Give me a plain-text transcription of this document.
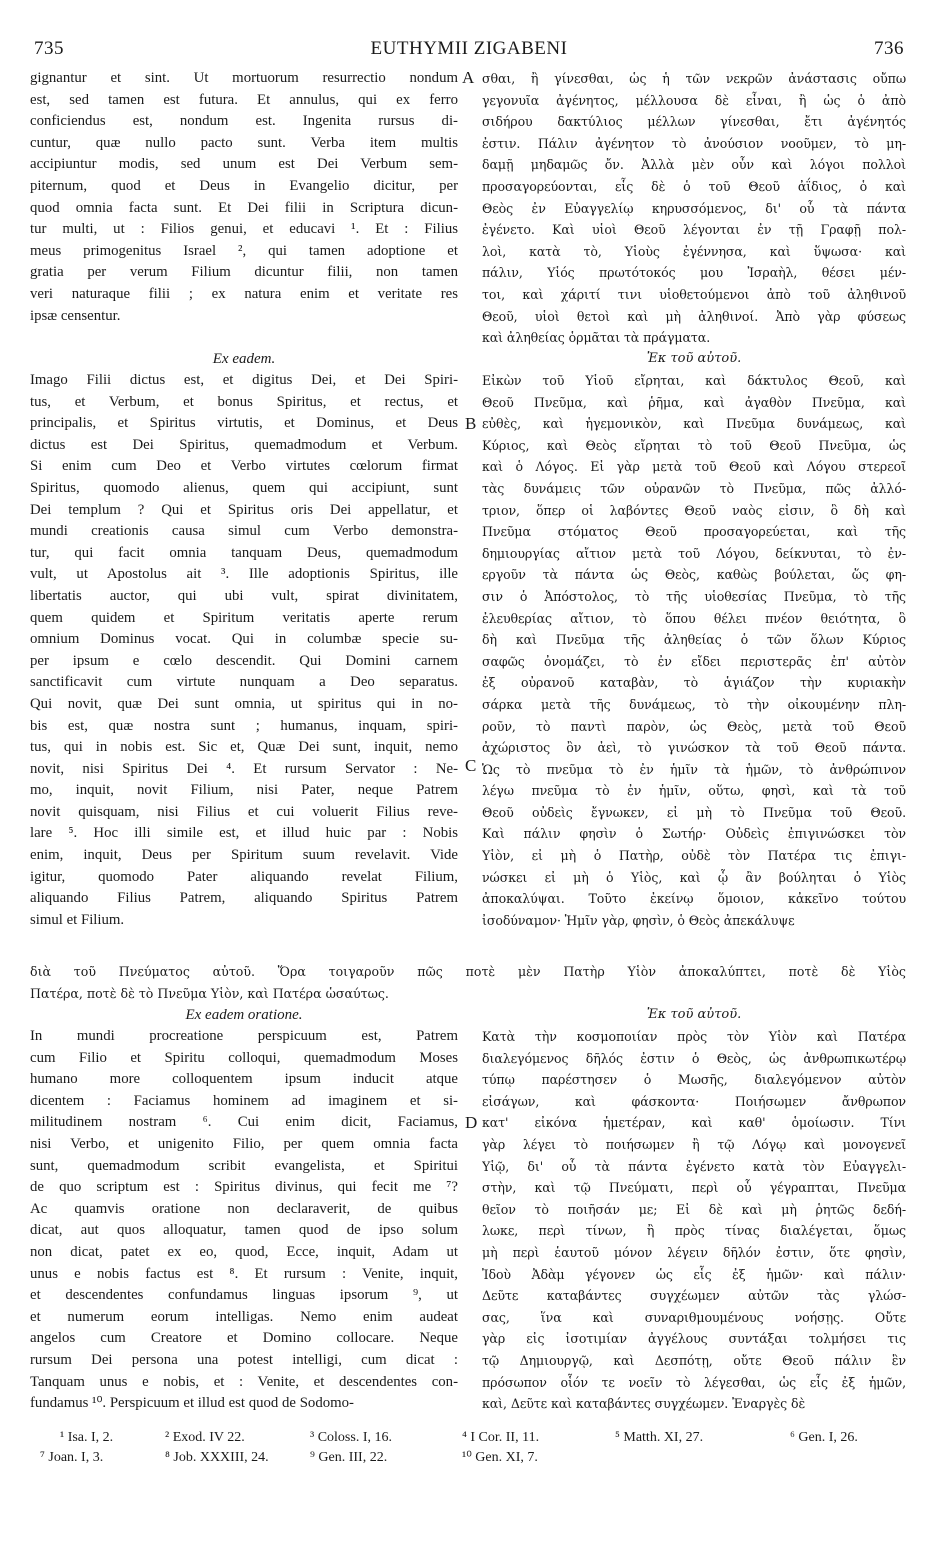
735	EUTHYMII ZIGABENI	736
gignantur et sint. Ut mortuorum resurrectio nondum
est, sed tamen est futura. Et annulus, qui ex ferro
conficiendus est, nondum est. Ingenita rursus di-
cuntur, quæ nullo pacto sunt. Verba item multis
accipiuntur modis, sed unum est Dei Verbum sem-
piternum, quod et Deus in Evangelio dicitur, per
quod omnia facta sunt. Et Dei filii in Scriptura dicun-
tur multi, ut : Filios genui, et educavi ¹. Et : Filius
meus primogenitus Israel ², qui tamen adoptione et
gratia per verum Filium dicuntur filii, non tamen
veri naturaque filii ; ex natura enim et veritate res
ipsæ censentur.
σθαι, ἢ γίνεσθαι, ὡς ἡ τῶν νεκρῶν ἀνάστασις οὔπω
γεγονυῖα ἀγένητος, μέλλουσα δὲ εἶναι, ἢ ὡς ὁ ἀπὸ
σιδήρου δακτύλιος μέλλων γίνεσθαι, ἔτι ἀγένητός
ἐστιν. Πάλιν ἀγένητον τὸ ἀνούσιον νοοῦμεν, τὸ μη-
δαμῇ μηδαμῶς ὄν. Ἀλλὰ μὲν οὖν καὶ λόγοι πολλοὶ
προσαγορεύονται, εἷς δὲ ὁ τοῦ Θεοῦ ἀΐδιος, ὁ καὶ
Θεὸς ἐν Εὐαγγελίῳ κηρυσσόμενος, δι' οὗ τὰ πάντα
ἐγένετο. Καὶ υἱοὶ Θεοῦ λέγονται ἐν τῇ Γραφῇ πολ-
λοὶ, κατὰ τὸ, Υἱοὺς ἐγέννησα, καὶ ὕψωσα· καὶ
πάλιν, Υἱός πρωτότοκός μου Ἰσραὴλ, θέσει μέν-
τοι, καὶ χάριτί τινι υἱοθετούμενοι ἀπὸ τοῦ ἀληθινοῦ
Θεοῦ, υἱοὶ θετοὶ καὶ μὴ ἀληθινοί. Ἀπὸ γὰρ φύσεως
καὶ ἀληθείας ὁρμᾶται τὰ πράγματα.
Ex eadem.
Imago Filii dictus est, et digitus Dei, et Dei Spiri-
tus, et Verbum, et bonus Spiritus, et rectus, et
principalis, et Spiritus virtutis, et Dominus, et Deus
dictus est Dei Spiritus, quemadmodum et Verbum.
Si enim cum Deo et Verbo virtutes cœlorum firmat
Spiritus, quomodo alienus, quem qui accipiunt, sunt
Dei templum ? Qui et Spiritus oris Dei appellatur, et
mundi creationis causa simul cum Verbo demonstra-
tur, qui facit omnia tanquam Deus, quemadmodum
vult, ut Apostolus ait ³. Ille adoptionis Spiritus, ille
libertatis auctor, qui ubi vult, spirat divinitatem,
quem quidem et Spiritum veritatis aperte rerum
omnium Dominus vocat. Qui in columbæ specie su-
per ipsum e cœlo descendit. Qui Domini carnem
sanctificavit cum virtute nunquam a Deo separatus.
Qui novit, quæ Dei sunt omnia, ut spiritus qui in no-
bis est, quæ nostra sunt ; humanus, inquam, spiri-
tus, qui in nobis est. Sic et, Quæ Dei sunt, inquit, nemo
novit, nisi Spiritus Dei ⁴. Et rursum Servator : Ne-
mo, inquit, novit Filium, nisi Pater, neque Patrem
novit quisquam, nisi Filius et cui voluerit Filius reve-
lare ⁵. Hoc illi simile est, et illud huic par : Nobis
enim, inquit, Deus per Spiritum suum revelavit. Vide
igitur, quomodo Pater aliquando revelat Filium,
aliquando Filius Patrem, aliquando Spiritus Patrem
simul et Filium.
Ἐκ τοῦ αὐτοῦ.
Εἰκὼν τοῦ Υἱοῦ εἴρηται, καὶ δάκτυλος Θεοῦ, καὶ
Θεοῦ Πνεῦμα, καὶ ῥῆμα, καὶ ἀγαθὸν Πνεῦμα, καὶ
εὐθὲς, καὶ ἡγεμονικὸν, καὶ Πνεῦμα δυνάμεως, καὶ
Κύριος, καὶ Θεὸς εἴρηται τὸ τοῦ Θεοῦ Πνεῦμα, ὡς
καὶ ὁ Λόγος. Εἰ γὰρ μετὰ τοῦ Θεοῦ καὶ Λόγου στερεοῖ
τὰς δυνάμεις τῶν οὐρανῶν τὸ Πνεῦμα, πῶς ἀλλό-
τριον, ὅπερ οἱ λαβόντες Θεοῦ ναὸς εἰσιν, ὃ δὴ καὶ
Πνεῦμα στόματος Θεοῦ προσαγορεύεται, καὶ τῆς
δημιουργίας αἴτιον μετὰ τοῦ Λόγου, δείκνυται, τὸ ἐν-
εργοῦν τὰ πάντα ὡς Θεὸς, καθὼς βούλεται, ὥς φη-
σιν ὁ Ἀπόστολος, τὸ τῆς υἱοθεσίας Πνεῦμα, τὸ τῆς
ἐλευθερίας αἴτιον, τὸ ὅπου θέλει πνέον θειότητα, ὃ
δὴ καὶ Πνεῦμα τῆς ἀληθείας ὁ τῶν ὅλων Κύριος
σαφῶς ὀνομάζει, τὸ ἐν εἴδει περιστερᾶς ἐπ' αὐτὸν
ἐξ οὐρανοῦ καταβὰν, τὸ ἁγιάζον τὴν κυριακὴν
σάρκα μετὰ τῆς δυνάμεως, τὸ τὴν οἰκουμένην πλη-
ροῦν, τὸ παντὶ παρὸν, ὡς Θεὸς, μετὰ τοῦ Θεοῦ
ἀχώριστος ὂν ἀεὶ, τὸ γινώσκον τὰ τοῦ Θεοῦ πάντα.
Ὡς τὸ πνεῦμα τὸ ἐν ἡμῖν τὰ ἡμῶν, τὸ ἀνθρώπινον
λέγω πνεῦμα τὸ ἐν ἡμῖν, οὕτω, φησὶ, καὶ τὰ τοῦ
Θεοῦ οὐδεὶς ἔγνωκεν, εἰ μὴ τὸ Πνεῦμα τοῦ Θεοῦ.
Καὶ πάλιν φησὶν ὁ Σωτήρ· Οὐδεὶς ἐπιγινώσκει τὸν
Υἱὸν, εἰ μὴ ὁ Πατὴρ, οὐδὲ τὸν Πατέρα τις ἐπιγι-
νώσκει εἰ μὴ ὁ Υἱὸς, καὶ ᾧ ἂν βούληται ὁ Υἱὸς
ἀποκαλύψαι. Τοῦτο ἐκείνῳ ὅμοιον, κἀκεῖνο τούτου
ἰσοδύναμον· Ἡμῖν γὰρ, φησὶν, ὁ Θεὸς ἀπεκάλυψε
διὰ τοῦ Πνεύματος αὐτοῦ. Ὅρα τοιγαροῦν πῶς ποτὲ μὲν Πατὴρ Υἱὸν ἀποκαλύπτει, ποτὲ δὲ Υἱὸς
Πατέρα, ποτὲ δὲ τὸ Πνεῦμα Υἱὸν, καὶ Πατέρα ὡσαύτως.
Ex eadem oratione.
In mundi procreatione perspicuum est, Patrem
cum Filio et Spiritu colloqui, quemadmodum Moses
humano more colloquentem ipsum inducit atque
dicentem : Faciamus hominem ad imaginem et si-
militudinem nostram ⁶. Cui enim dicit, Faciamus,
nisi Verbo, et unigenito Filio, per quem omnia facta
sunt, quemadmodum scribit evangelista, et Spiritui
de quo scriptum est : Spiritus divinus, qui fecit me ⁷?
Ac quamvis oratione non declaraverit, de quibus
dicat, aut quos alloquatur, tamen quod de ipso solum
non dicat, patet ex eo, quod, Ecce, inquit, Adam ut
unus e nobis factus est ⁸. Et rursum : Venite, inquit,
et descendentes confundamus linguas ipsorum ⁹, ut
et numerum eorum intelligas. Nemo enim audeat
angelos cum Creatore et Domino collocare. Neque
rursum Dei persona una potest intelligi, cum dicat :
Tanquam unus e nobis, et : Venite, et descendentes con-
fundamus ¹⁰. Perspicuum et illud est quod de Sodomo-
Ἐκ τοῦ αὐτοῦ.
Κατὰ τὴν κοσμοποιίαν πρὸς τὸν Υἱὸν καὶ Πατέρα
διαλεγόμενος δῆλός ἐστιν ὁ Θεὸς, ὡς ἀνθρωπικωτέρῳ
τύπῳ παρέστησεν ὁ Μωσῆς, διαλεγόμενον αὐτὸν
εἰσάγων, καὶ φάσκοντα· Ποιήσωμεν ἄνθρωπον
κατ' εἰκόνα ἡμετέραν, καὶ καθ' ὁμοίωσιν. Τίνι
γὰρ λέγει τὸ ποιήσωμεν ἢ τῷ Λόγῳ καὶ μονογενεῖ
Υἱῷ, δι' οὗ τὰ πάντα ἐγένετο κατὰ τὸν Εὐαγγελι-
στὴν, καὶ τῷ Πνεύματι, περὶ οὗ γέγραπται, Πνεῦμα
θεῖον τὸ ποιῆσάν με; Εἰ δὲ καὶ μὴ ῥητῶς δεδή-
λωκε, περὶ τίνων, ἢ πρὸς τίνας διαλέγεται, ὅμως
μὴ περὶ ἑαυτοῦ μόνον λέγειν δῆλόν ἐστιν, ὅτε φησὶν,
Ἰδοὺ Ἀδὰμ γέγονεν ὡς εἷς ἐξ ἡμῶν· καὶ πάλιν·
Δεῦτε καταβάντες συγχέωμεν αὐτῶν τὰς γλώσ-
σας, ἵνα καὶ συναριθμουμένους νοήσῃς. Οὔτε
γὰρ εἰς ἰσοτιμίαν ἀγγέλους συντάξαι τολμήσει τις
τῷ Δημιουργῷ, καὶ Δεσπότῃ, οὔτε Θεοῦ πάλιν ἓν
πρόσωπον οἷόν τε νοεῖν τὸ λέγεσθαι, ὡς εἷς ἐξ ἡμῶν,
καὶ, Δεῦτε καὶ καταβάντες συγχέωμεν. Ἐναργὲς δὲ
A
B
C
D
¹ Isa. I, 2.	² Exod. IV 22.	³ Coloss. I, 16.	⁴ I Cor. II, 11.	⁵ Matth. XI, 27.	⁶ Gen. I, 26.
⁷ Joan. I, 3.	⁸ Job. XXXIII, 24.	⁹ Gen. III, 22.	¹⁰ Gen. XI, 7.
